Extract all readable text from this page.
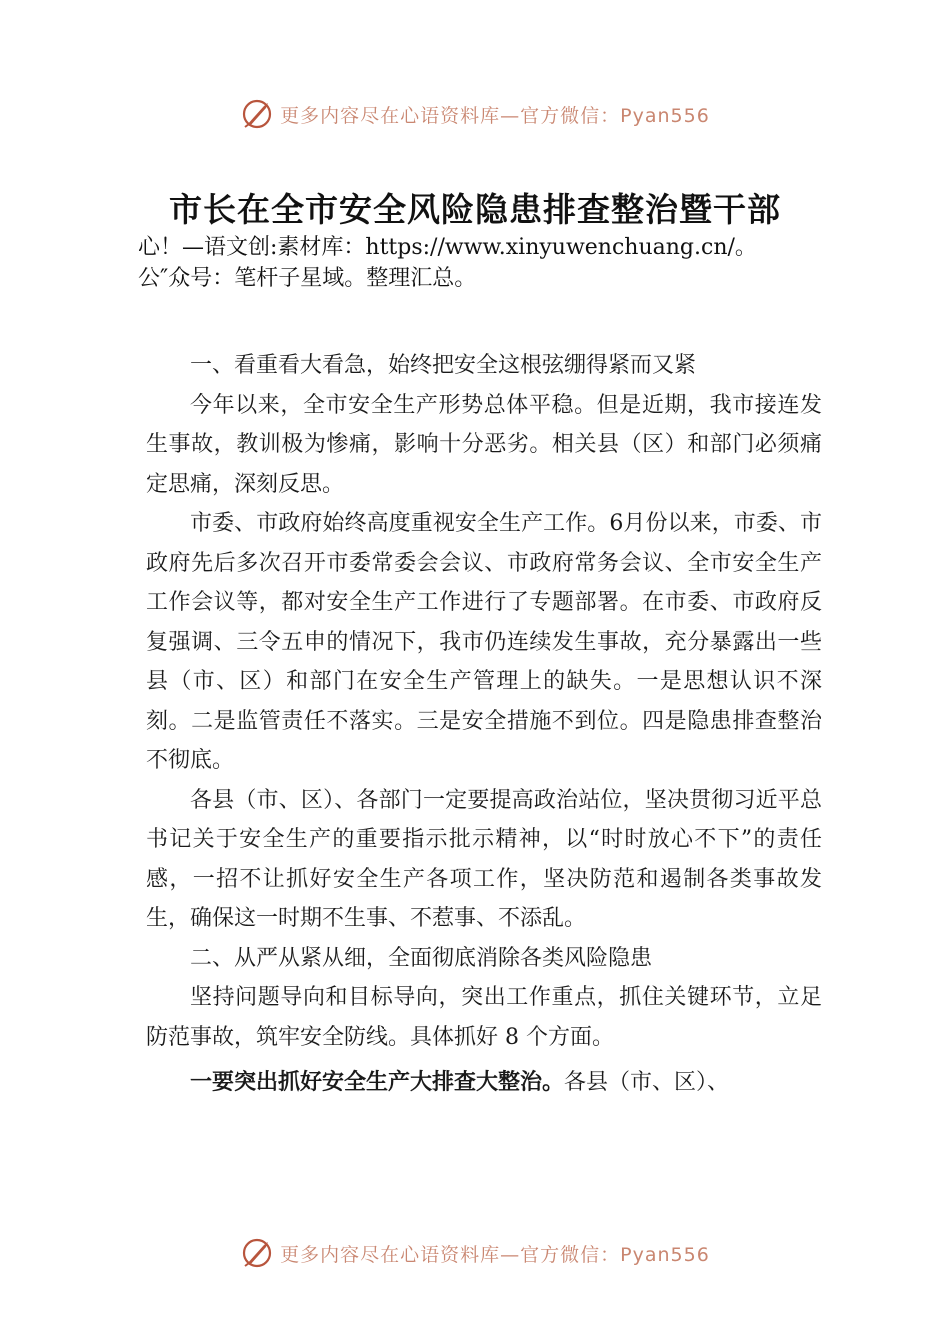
更多内容尽在心语资料库—官方微信：Pyan556
市长在全市安全风险隐患排查整治暨干部
心！—语文创:素材库：https://www.xinyuwenchuang.cn/。
公″众号：笔杆子星域。整理汇总。

一、看重看大看急，始终把安全这根弦绷得紧而又紧

今年以来，全市安全生产形势总体平稳。但是近期，我市接连发生事故，教训极为惨痛，影响十分恶劣。相关县（区）和部门必须痛定思痛，深刻反思。

市委、市政府始终高度重视安全生产工作。6月份以来，市委、市政府先后多次召开市委常委会会议、市政府常务会议、全市安全生产工作会议等，都对安全生产工作进行了专题部署。在市委、市政府反复强调、三令五申的情况下，我市仍连续发生事故，充分暴露出一些县（市、区）和部门在安全生产管理上的缺失。一是思想认识不深刻。二是监管责任不落实。三是安全措施不到位。四是隐患排查整治不彻底。

各县（市、区）、各部门一定要提高政治站位，坚决贯彻习近平总书记关于安全生产的重要指示批示精神，以“时时放心不下”的责任感，一招不让抓好安全生产各项工作，坚决防范和遏制各类事故发生，确保这一时期不生事、不惹事、不添乱。

二、从严从紧从细，全面彻底消除各类风险隐患

坚持问题导向和目标导向，突出工作重点，抓住关键环节，立足防范事故，筑牢安全防线。具体抓好 8 个方面。

一要突出抓好安全生产大排查大整治。各县（市、区）、

更多内容尽在心语资料库—官方微信：Pyan556
